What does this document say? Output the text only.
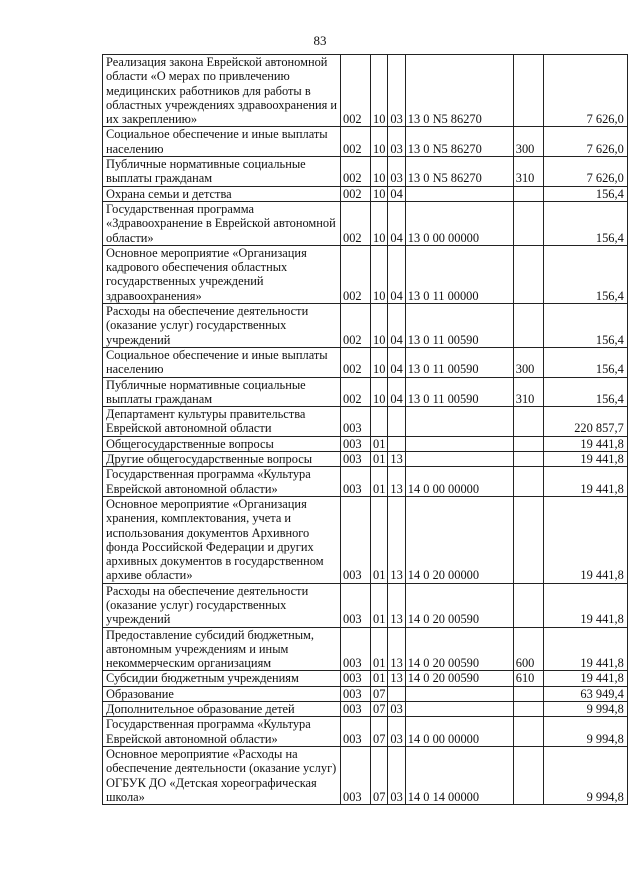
83
Реализация закона Еврейской автономной области «О мерах по привлечению медицинских работников для работы в областных учреждениях здравоохранения и их закреплению»	002	10	03	13 0 N5 86270		7 626,0
Социальное обеспечение и иные выплаты населению	002	10	03	13 0 N5 86270	300	7 626,0
Публичные нормативные социальные выплаты гражданам	002	10	03	13 0 N5 86270	310	7 626,0
Охрана семьи и детства	002	10	04			156,4
Государственная программа «Здравоохранение в Еврейской автономной области»	002	10	04	13 0 00 00000		156,4
Основное мероприятие «Организация кадрового обеспечения областных государственных учреждений здравоохранения»	002	10	04	13 0 11 00000		156,4
Расходы на обеспечение деятельности (оказание услуг) государственных учреждений	002	10	04	13 0 11 00590		156,4
Социальное обеспечение и иные выплаты населению	002	10	04	13 0 11 00590	300	156,4
Публичные нормативные социальные выплаты гражданам	002	10	04	13 0 11 00590	310	156,4
Департамент культуры правительства Еврейской автономной области	003					220 857,7
Общегосударственные вопросы	003	01				19 441,8
Другие общегосударственные вопросы	003	01	13			19 441,8
Государственная программа «Культура Еврейской автономной области»	003	01	13	14 0 00 00000		19 441,8
Основное мероприятие «Организация хранения, комплектования, учета и использования документов Архивного фонда Российской Федерации и других архивных документов в государственном архиве области»	003	01	13	14 0 20 00000		19 441,8
Расходы на обеспечение деятельности (оказание услуг) государственных учреждений	003	01	13	14 0 20 00590		19 441,8
Предоставление субсидий бюджетным, автономным учреждениям и иным некоммерческим организациям	003	01	13	14 0 20 00590	600	19 441,8
Субсидии бюджетным учреждениям	003	01	13	14 0 20 00590	610	19 441,8
Образование	003	07				63 949,4
Дополнительное образование детей	003	07	03			9 994,8
Государственная программа «Культура Еврейской автономной области»	003	07	03	14 0 00 00000		9 994,8
Основное мероприятие «Расходы на обеспечение деятельности (оказание услуг) ОГБУК ДО «Детская хореографическая школа»	003	07	03	14 0 14 00000		9 994,8
